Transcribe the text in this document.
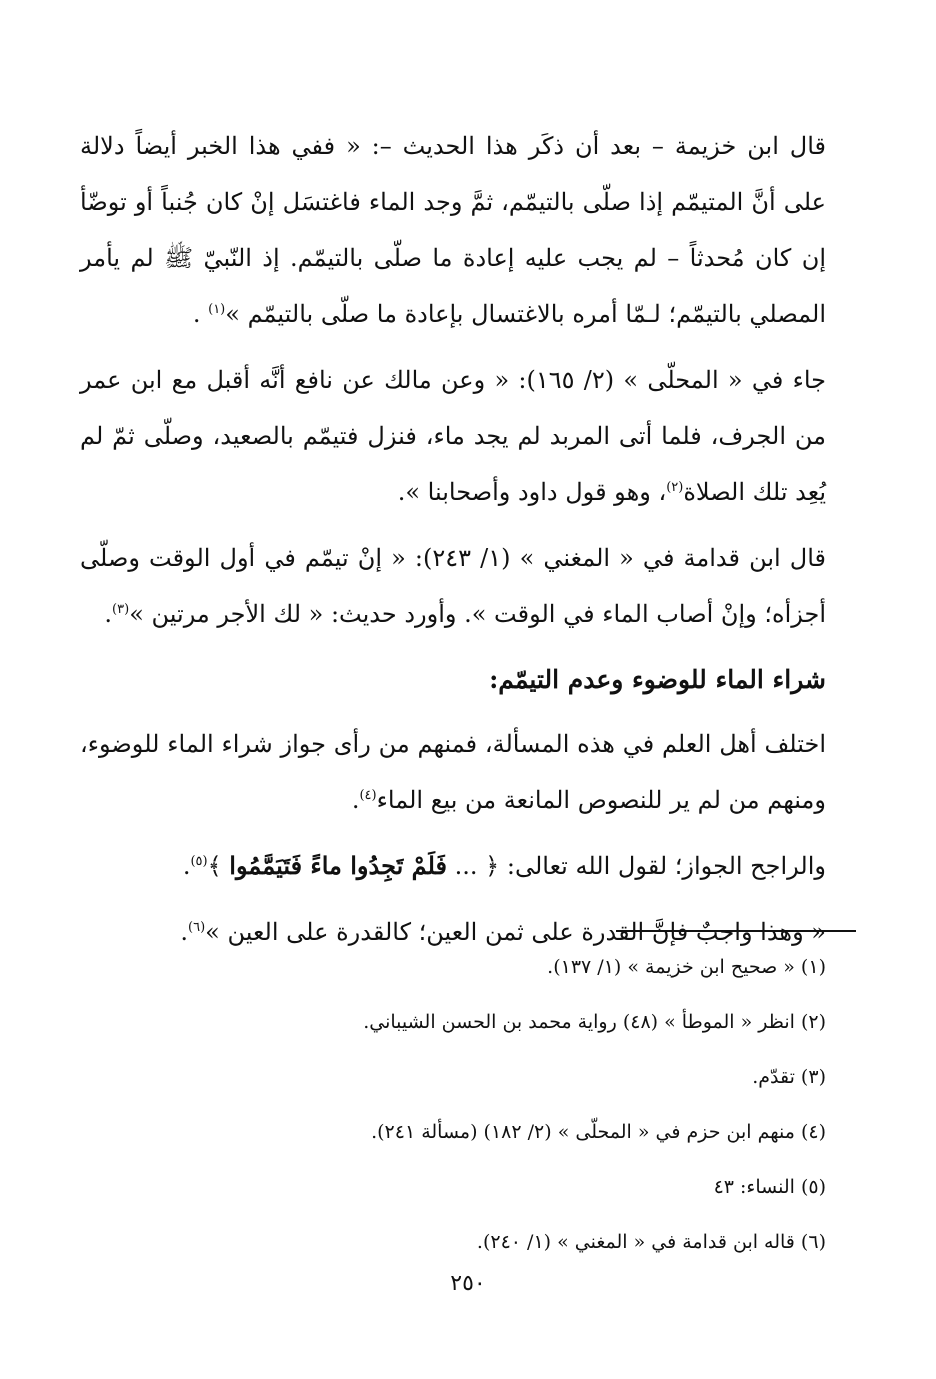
قال ابن خزيمة – بعد أن ذكَر هذا الحديث –: « ففي هذا الخبر أيضاً دلالة على أنَّ المتيمّم إذا صلّى بالتيمّم، ثمَّ وجد الماء فاغتسَل إنْ كان جُنباً أو توضّأ إن كان مُحدثاً – لم يجب عليه إعادة ما صلّى بالتيمّم. إذ النّبيّ ﷺ لم يأمر المصلي بالتيمّم؛ لـمّا أمره بالاغتسال بإعادة ما صلّى بالتيمّم »$^{(١)}$ .

جاء في « المحلّى » (٢/ ١٦٥): « وعن مالك عن نافع أنَّه أقبل مع ابن عمر من الجرف، فلما أتى المربد لم يجد ماء، فنزل فتيمّم بالصعيد، وصلّى ثمّ لم يُعِد تلك الصلاة$^{(٢)}$، وهو قول داود وأصحابنا ».

قال ابن قدامة في « المغني » (١/ ٢٤٣): « إنْ تيمّم في أول الوقت وصلّى أجزأه؛ وإنْ أصاب الماء في الوقت ». وأورد حديث: « لك الأجر مرتين »$^{(٣)}$.

شراء الماء للوضوء وعدم التيمّم:

اختلف أهل العلم في هذه المسألة، فمنهم من رأى جواز شراء الماء للوضوء، ومنهم من لم ير للنصوص المانعة من بيع الماء$^{(٤)}$.

والراجح الجواز؛ لقول الله تعالى: ﴿ ... فَلَمْ تَجِدُوا ماءً فَتَيَمَّمُوا ﴾$^{(٥)}$.

« وهذا واجبٌ فإنَّ القدرة على ثمن العين؛ كالقدرة على العين »$^{(٦)}$.

(١) « صحيح ابن خزيمة » (١/ ١٣٧).

(٢) انظر « الموطأ » (٤٨) رواية محمد بن الحسن الشيباني.

(٣) تقدّم.

(٤) منهم ابن حزم في « المحلّى » (٢/ ١٨٢) (مسألة ٢٤١).

(٥) النساء: ٤٣

(٦) قاله ابن قدامة في « المغني » (١/ ٢٤٠).

٢٥٠
